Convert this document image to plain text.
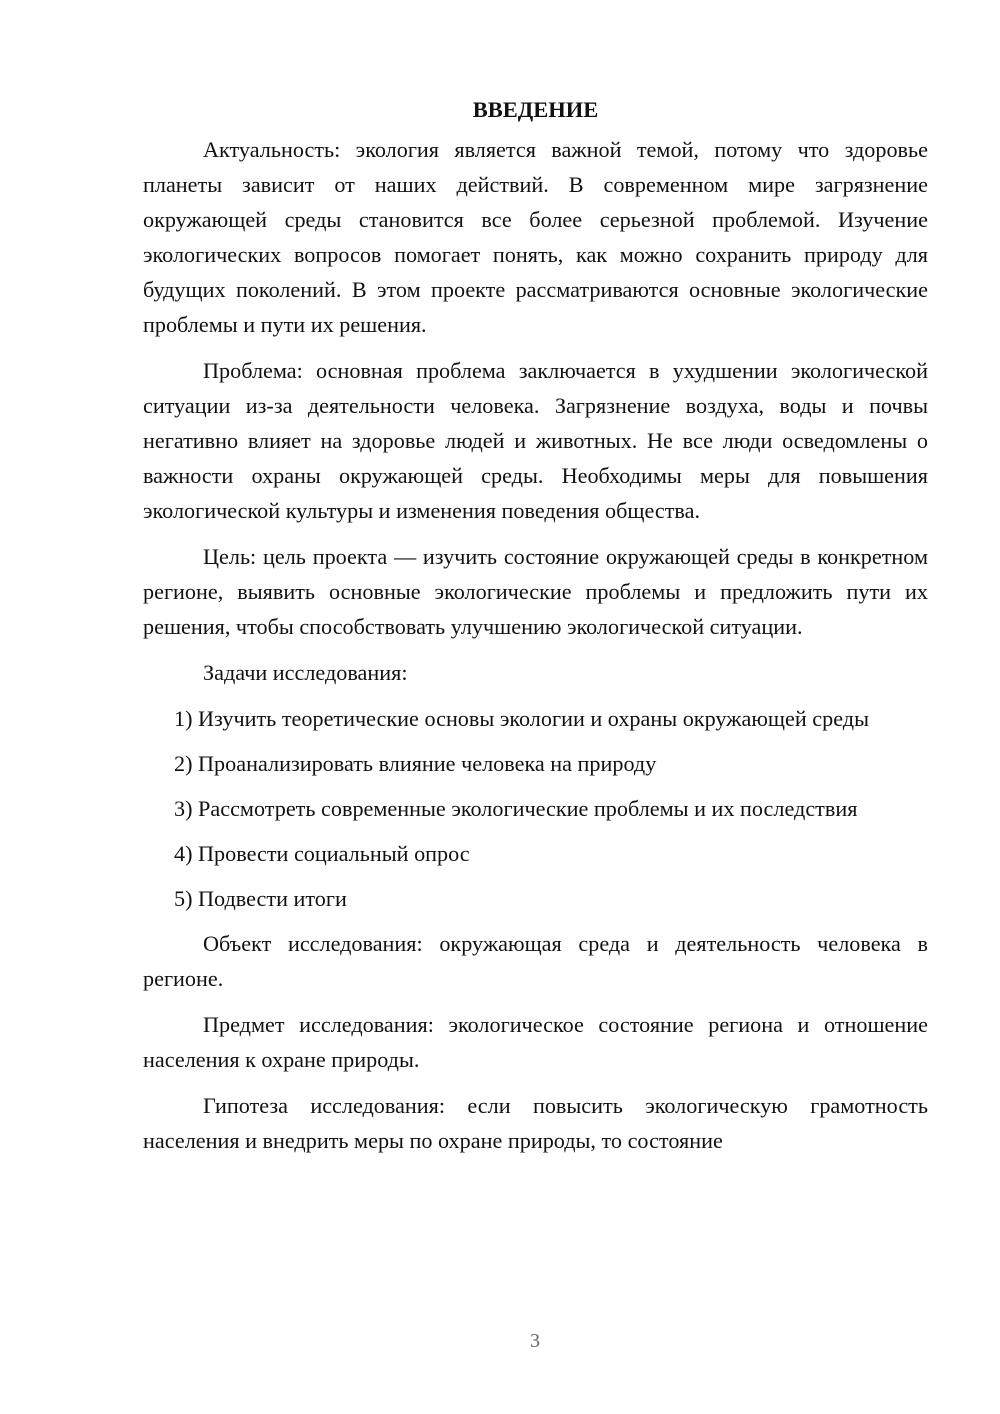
ВВЕДЕНИЕ

Актуальность: экология является важной темой, потому что здоровье планеты зависит от наших действий. В современном мире загрязнение окружающей среды становится все более серьезной проблемой. Изучение экологических вопросов помогает понять, как можно сохранить природу для будущих поколений. В этом проекте рассматриваются основные экологические проблемы и пути их решения.

Проблема: основная проблема заключается в ухудшении экологической ситуации из-за деятельности человека. Загрязнение воздуха, воды и почвы негативно влияет на здоровье людей и животных. Не все люди осведомлены о важности охраны окружающей среды. Необходимы меры для повышения экологической культуры и изменения поведения общества.

Цель: цель проекта — изучить состояние окружающей среды в конкретном регионе, выявить основные экологические проблемы и предложить пути их решения, чтобы способствовать улучшению экологической ситуации.

Задачи исследования:

1) Изучить теоретические основы экологии и охраны окружающей среды

2) Проанализировать влияние человека на природу

3) Рассмотреть современные экологические проблемы и их последствия

4) Провести социальный опрос

5) Подвести итоги

Объект исследования: окружающая среда и деятельность человека в регионе.

Предмет исследования: экологическое состояние региона и отношение населения к охране природы.

Гипотеза исследования: если повысить экологическую грамотность населения и внедрить меры по охране природы, то состояние

3
